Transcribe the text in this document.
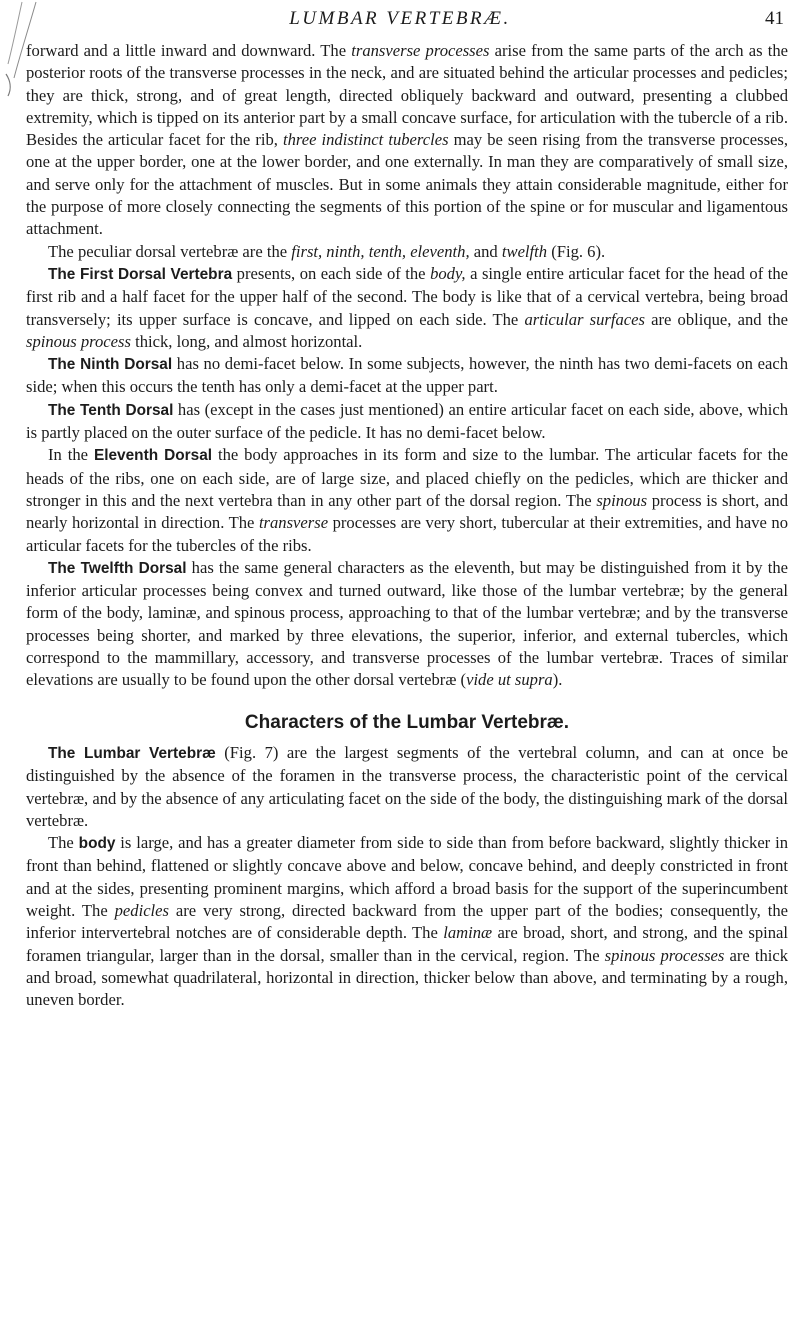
LUMBAR VERTEBRÆ.	41

forward and a little inward and downward. The transverse processes arise from the same parts of the arch as the posterior roots of the transverse processes in the neck, and are situated behind the articular processes and pedicles; they are thick, strong, and of great length, directed obliquely backward and outward, presenting a clubbed extremity, which is tipped on its anterior part by a small concave surface, for articulation with the tubercle of a rib. Besides the articular facet for the rib, three indistinct tubercles may be seen rising from the transverse processes, one at the upper border, one at the lower border, and one externally. In man they are comparatively of small size, and serve only for the attachment of muscles. But in some animals they attain considerable magnitude, either for the purpose of more closely connecting the segments of this portion of the spine or for muscular and ligamentous attachment.

The peculiar dorsal vertebræ are the first, ninth, tenth, eleventh, and twelfth (Fig. 6).

The First Dorsal Vertebra presents, on each side of the body, a single entire articular facet for the head of the first rib and a half facet for the upper half of the second. The body is like that of a cervical vertebra, being broad transversely; its upper surface is concave, and lipped on each side. The articular surfaces are oblique, and the spinous process thick, long, and almost horizontal.

The Ninth Dorsal has no demi-facet below. In some subjects, however, the ninth has two demi-facets on each side; when this occurs the tenth has only a demi-facet at the upper part.

The Tenth Dorsal has (except in the cases just mentioned) an entire articular facet on each side, above, which is partly placed on the outer surface of the pedicle. It has no demi-facet below.

In the Eleventh Dorsal the body approaches in its form and size to the lumbar. The articular facets for the heads of the ribs, one on each side, are of large size, and placed chiefly on the pedicles, which are thicker and stronger in this and the next vertebra than in any other part of the dorsal region. The spinous process is short, and nearly horizontal in direction. The transverse processes are very short, tubercular at their extremities, and have no articular facets for the tubercles of the ribs.

The Twelfth Dorsal has the same general characters as the eleventh, but may be distinguished from it by the inferior articular processes being convex and turned outward, like those of the lumbar vertebræ; by the general form of the body, laminæ, and spinous process, approaching to that of the lumbar vertebræ; and by the transverse processes being shorter, and marked by three elevations, the superior, inferior, and external tubercles, which correspond to the mammillary, accessory, and transverse processes of the lumbar vertebræ. Traces of similar elevations are usually to be found upon the other dorsal vertebræ (vide ut supra).

Characters of the Lumbar Vertebræ.

The Lumbar Vertebræ (Fig. 7) are the largest segments of the vertebral column, and can at once be distinguished by the absence of the foramen in the transverse process, the characteristic point of the cervical vertebræ, and by the absence of any articulating facet on the side of the body, the distinguishing mark of the dorsal vertebræ.

The body is large, and has a greater diameter from side to side than from before backward, slightly thicker in front than behind, flattened or slightly concave above and below, concave behind, and deeply constricted in front and at the sides, presenting prominent margins, which afford a broad basis for the support of the superincumbent weight. The pedicles are very strong, directed backward from the upper part of the bodies; consequently, the inferior intervertebral notches are of considerable depth. The laminæ are broad, short, and strong, and the spinal foramen triangular, larger than in the dorsal, smaller than in the cervical, region. The spinous processes are thick and broad, somewhat quadrilateral, horizontal in direction, thicker below than above, and terminating by a rough, uneven border.
